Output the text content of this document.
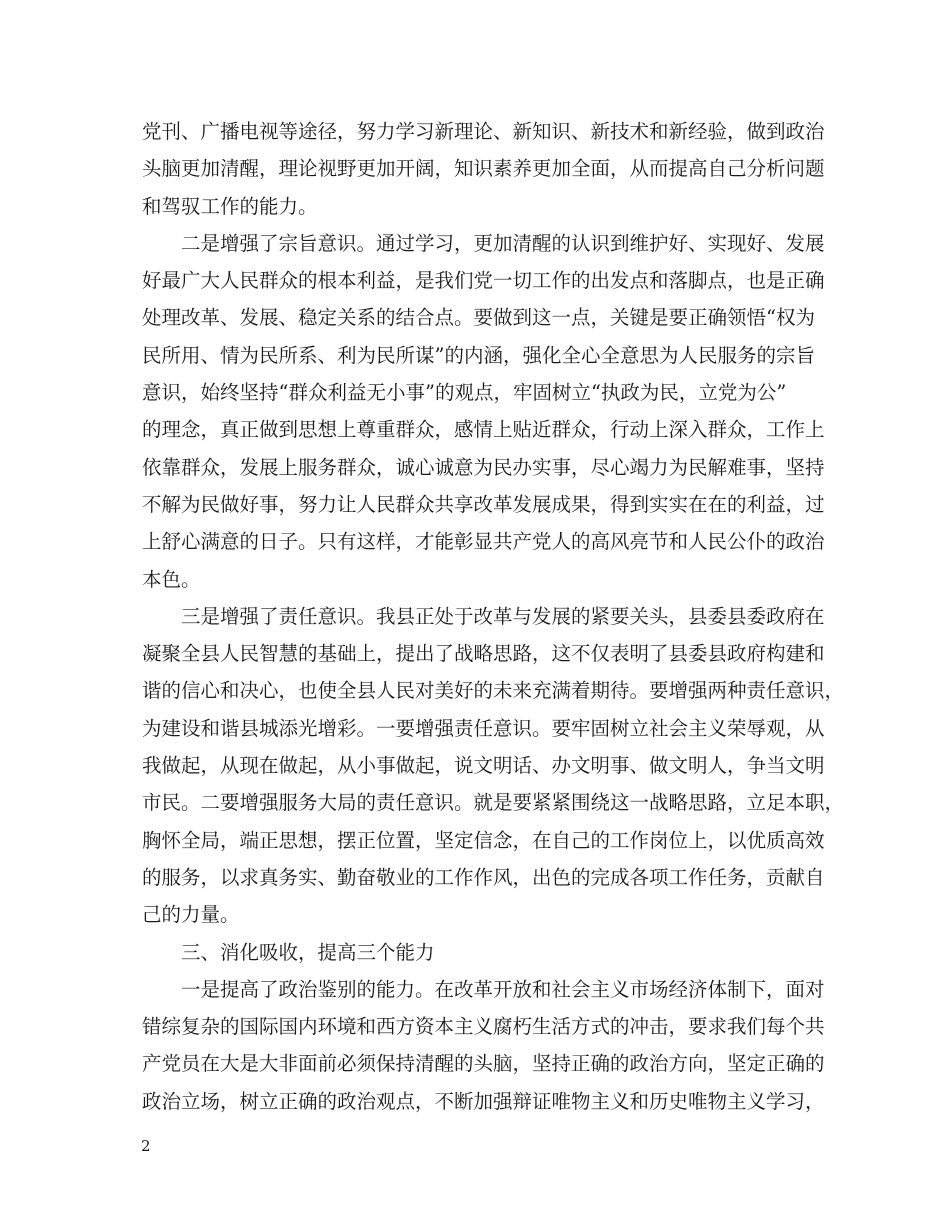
党刊、广播电视等途径，努力学习新理论、新知识、新技术和新经验，做到政治
头脑更加清醒，理论视野更加开阔，知识素养更加全面，从而提高自己分析问题
和驾驭工作的能力。
二是增强了宗旨意识。通过学习，更加清醒的认识到维护好、实现好、发展
好最广大人民群众的根本利益，是我们党一切工作的出发点和落脚点，也是正确
处理改革、发展、稳定关系的结合点。要做到这一点，关键是要正确领悟“权为
民所用、情为民所系、利为民所谋”的内涵，强化全心全意思为人民服务的宗旨
意识，始终坚持“群众利益无小事”的观点，牢固树立“执政为民，立党为公”
的理念，真正做到思想上尊重群众，感情上贴近群众，行动上深入群众，工作上
依靠群众，发展上服务群众，诚心诚意为民办实事，尽心竭力为民解难事，坚持
不解为民做好事，努力让人民群众共享改革发展成果，得到实实在在的利益，过
上舒心满意的日子。只有这样，才能彰显共产党人的高风亮节和人民公仆的政治
本色。
三是增强了责任意识。我县正处于改革与发展的紧要关头，县委县委政府在
凝聚全县人民智慧的基础上，提出了战略思路，这不仅表明了县委县政府构建和
谐的信心和决心，也使全县人民对美好的未来充满着期待。要增强两种责任意识，
为建设和谐县城添光增彩。一要增强责任意识。要牢固树立社会主义荣辱观，从
我做起，从现在做起，从小事做起，说文明话、办文明事、做文明人，争当文明
市民。二要增强服务大局的责任意识。就是要紧紧围绕这一战略思路，立足本职，
胸怀全局，端正思想，摆正位置，坚定信念，在自己的工作岗位上，以优质高效
的服务，以求真务实、勤奋敬业的工作作风，出色的完成各项工作任务，贡献自
己的力量。
三、消化吸收，提高三个能力
一是提高了政治鉴别的能力。在改革开放和社会主义市场经济体制下，面对
错综复杂的国际国内环境和西方资本主义腐朽生活方式的冲击，要求我们每个共
产党员在大是大非面前必须保持清醒的头脑，坚持正确的政治方向，坚定正确的
政治立场，树立正确的政治观点，不断加强辩证唯物主义和历史唯物主义学习，
2
